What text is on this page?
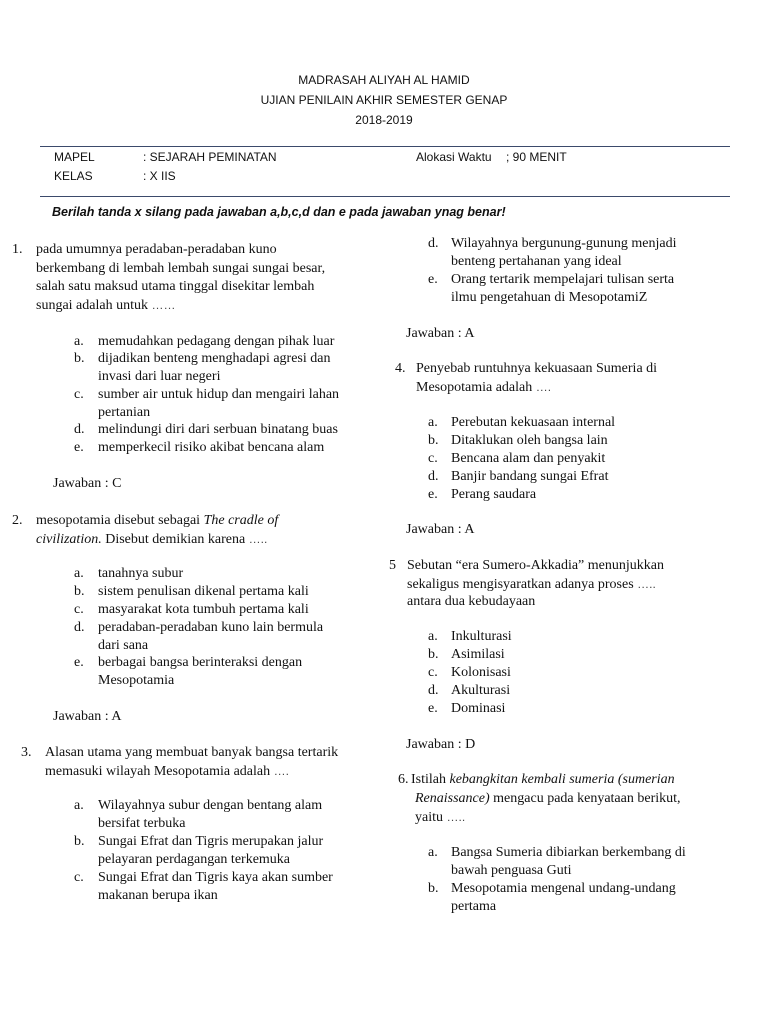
MADRASAH ALIYAH AL HAMID
UJIAN PENILAIN AKHIR SEMESTER GENAP
2018-2019
MAPEL	: SEJARAH PEMINATAN	Alokasi Waktu ; 90 MENIT
KELAS	: X IIS
Berilah tanda x silang pada jawaban a,b,c,d dan e pada jawaban ynag benar!
1. pada umumnya peradaban-peradaban kuno
berkembang di lembah lembah sungai sungai besar,
salah satu maksud utama tinggal disekitar lembah
sungai adalah untuk ……
a. memudahkan pedagang dengan pihak luar
b. dijadikan benteng menghadapi agresi dan
invasi dari luar negeri
c. sumber air untuk hidup dan mengairi lahan
pertanian
d. melindungi diri dari serbuan binatang buas
e. memperkecil risiko akibat bencana alam
Jawaban : C
2. mesopotamia disebut sebagai The cradle of
civilization. Disebut demikian karena …..
a. tanahnya subur
b. sistem penulisan dikenal pertama kali
c. masyarakat kota tumbuh pertama kali
d. peradaban-peradaban kuno lain bermula
dari sana
e. berbagai bangsa berinteraksi dengan
Mesopotamia
Jawaban : A
3. Alasan utama yang membuat banyak bangsa tertarik
memasuki wilayah Mesopotamia adalah ….
a. Wilayahnya subur dengan bentang alam
bersifat terbuka
b. Sungai Efrat dan Tigris merupakan jalur
pelayaran perdagangan terkemuka
c. Sungai Efrat dan Tigris kaya akan sumber
makanan berupa ikan
d. Wilayahnya bergunung-gunung menjadi
benteng pertahanan yang ideal
e. Orang tertarik mempelajari tulisan serta
ilmu pengetahuan di MesopotamiZ
Jawaban : A
4. Penyebab runtuhnya kekuasaan Sumeria di
Mesopotamia adalah ….
a. Perebutan kekuasaan internal
b. Ditaklukan oleh bangsa lain
c. Bencana alam dan penyakit
d. Banjir bandang sungai Efrat
e. Perang saudara
Jawaban : A
5 Sebutan “era Sumero-Akkadia” menunjukkan
sekaligus mengisyaratkan adanya proses …..
antara dua kebudayaan
a. Inkulturasi
b. Asimilasi
c. Kolonisasi
d. Akulturasi
e. Dominasi
Jawaban : D
6. Istilah kebangkitan kembali sumeria (sumerian
Renaissance) mengacu pada kenyataan berikut,
yaitu …..
a. Bangsa Sumeria dibiarkan berkembang di
bawah penguasa Guti
b. Mesopotamia mengenal undang-undang
pertama
